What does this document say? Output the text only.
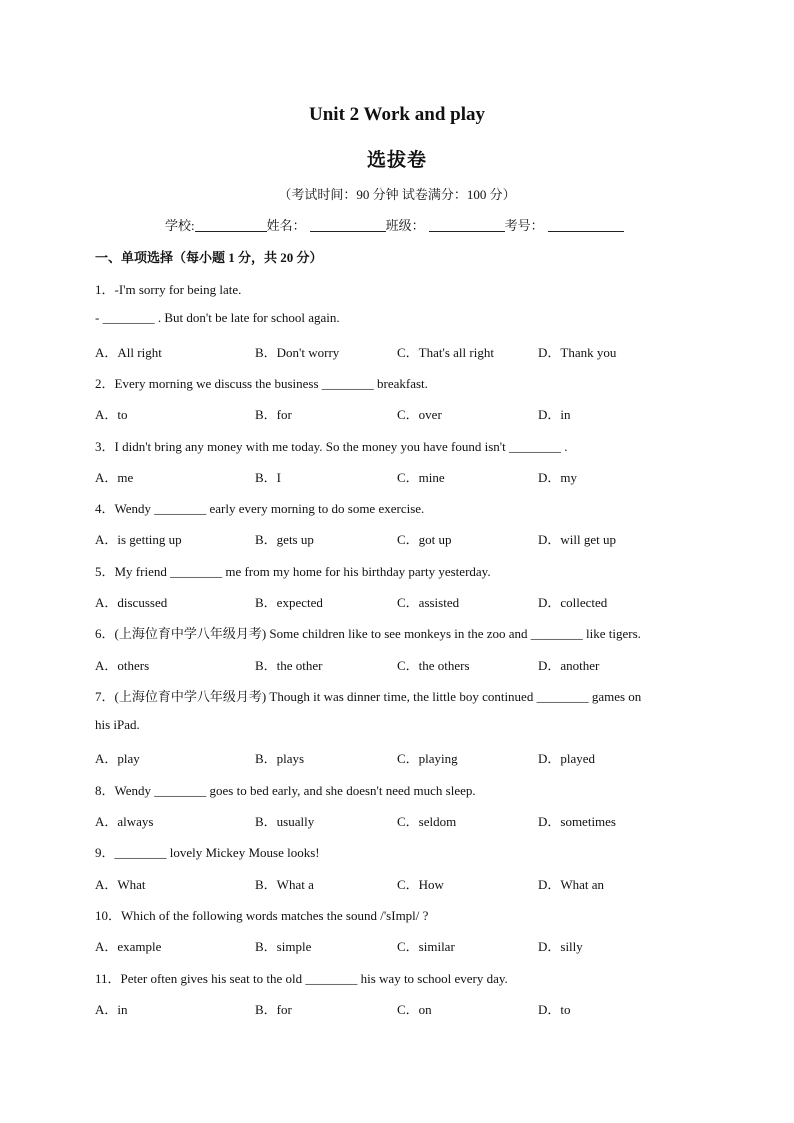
Unit 2 Work and play
选拔卷
（考试时间：90 分钟 试卷满分：100 分）
学校:	姓名：	班级：	考号：
一、单项选择（每小题 1 分，共 20 分）
1．-I'm sorry for being late.
- ________ . But don't be late for school again.
A．All right	B．Don't worry	C．That's all right	D．Thank you
2．Every morning we discuss the business ________ breakfast.
A．to	B．for	C．over	D．in
3．I didn't bring any money with me today. So the money you have found isn't ________ .
A．me	B．I	C．mine	D．my
4．Wendy ________ early every morning to do some exercise.
A．is getting up	B．gets up	C．got up	D．will get up
5．My friend ________ me from my home for his birthday party yesterday.
A．discussed	B．expected	C．assisted	D．collected
6．(上海位育中学八年级月考) Some children like to see monkeys in the zoo and ________ like tigers.
A．others	B．the other	C．the others	D．another
7．(上海位育中学八年级月考) Though it was dinner time, the little boy continued ________ games on
his iPad.
A．play	B．plays	C．playing	D．played
8．Wendy ________ goes to bed early, and she doesn't need much sleep.
A．always	B．usually	C．seldom	D．sometimes
9．________ lovely Mickey Mouse looks!
A．What	B．What a	C．How	D．What an
10．Which of the following words matches the sound /'sImpl/ ?
A．example	B．simple	C．similar	D．silly
11．Peter often gives his seat to the old ________ his way to school every day.
A．in	B．for	C．on	D．to
